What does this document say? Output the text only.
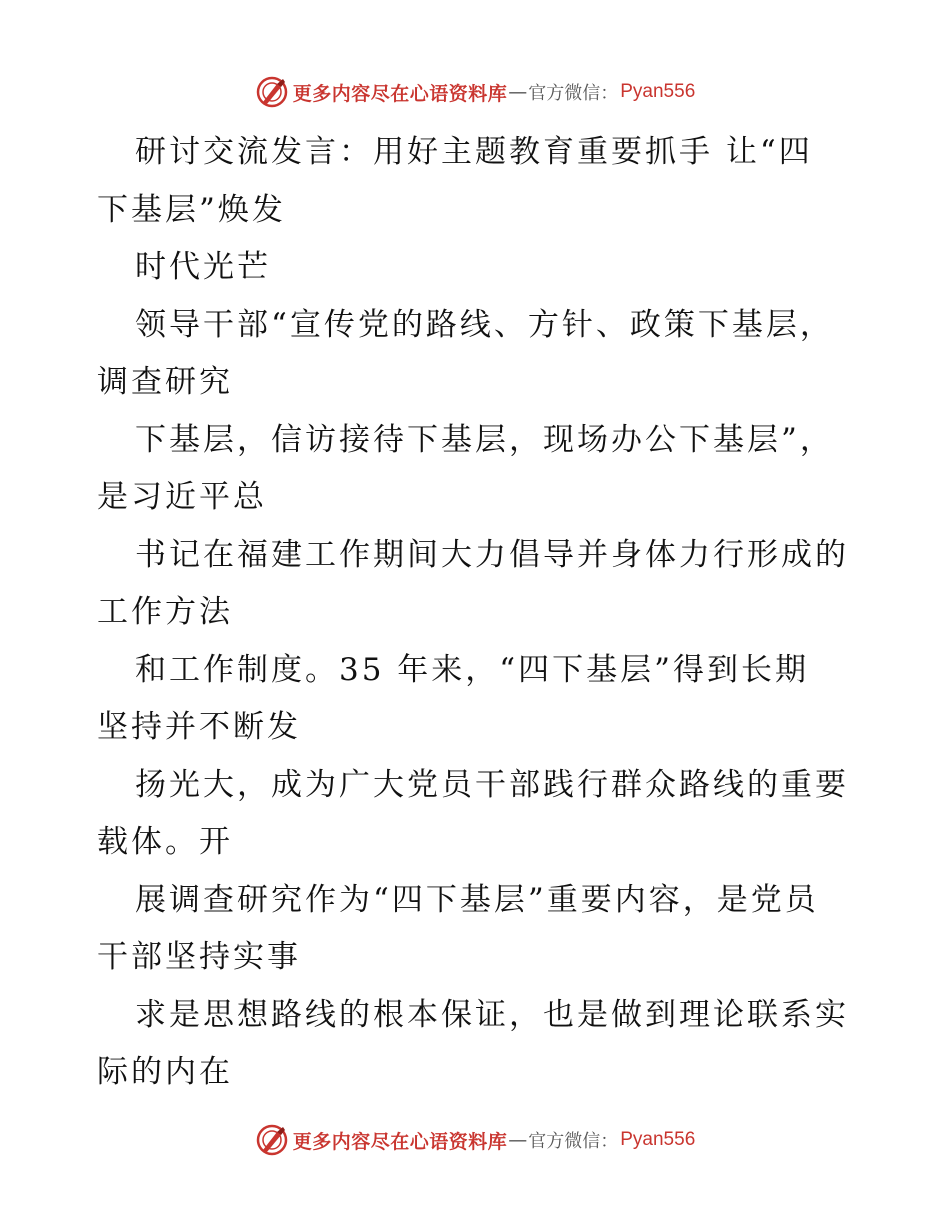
更多内容尽在心语资料库 — 官方微信： Pyan556
研讨交流发言：用好主题教育重要抓手 让“四
下基层”焕发
时代光芒
领导干部“宣传党的路线、方针、政策下基层，
调查研究
下基层，信访接待下基层，现场办公下基层”，
是习近平总
书记在福建工作期间大力倡导并身体力行形成的
工作方法
和工作制度。35 年来，“四下基层”得到长期
坚持并不断发
扬光大，成为广大党员干部践行群众路线的重要
载体。开
展调查研究作为“四下基层”重要内容，是党员
干部坚持实事
求是思想路线的根本保证，也是做到理论联系实
际的内在
更多内容尽在心语资料库 — 官方微信： Pyan556
